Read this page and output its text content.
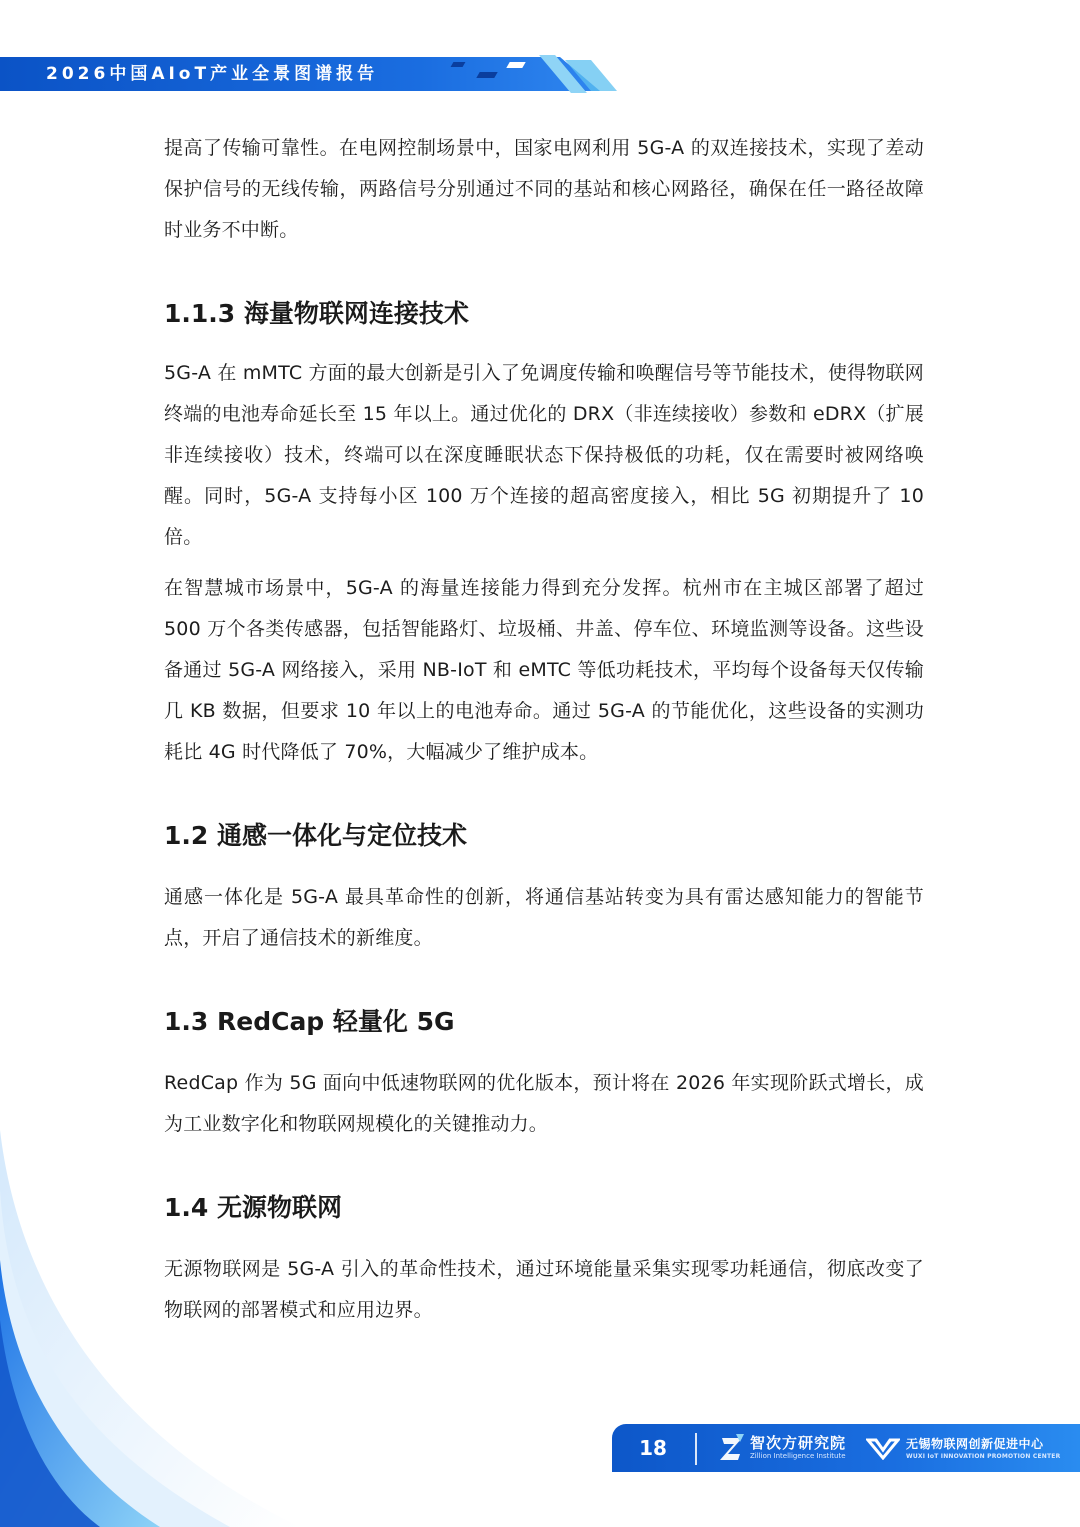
2026中国AIoT产业全景图谱报告

提高了传输可靠性。在电网控制场景中，国家电网利用 5G-A 的双连接技术，实现了差动保护信号的无线传输，两路信号分别通过不同的基站和核心网路径，确保在任一路径故障时业务不中断。

1.1.3 海量物联网连接技术

5G-A 在 mMTC 方面的最大创新是引入了免调度传输和唤醒信号等节能技术，使得物联网终端的电池寿命延长至 15 年以上。通过优化的 DRX（非连续接收）参数和 eDRX（扩展非连续接收）技术，终端可以在深度睡眠状态下保持极低的功耗，仅在需要时被网络唤醒。同时，5G-A 支持每小区 100 万个连接的超高密度接入，相比 5G 初期提升了 10 倍。

在智慧城市场景中，5G-A 的海量连接能力得到充分发挥。杭州市在主城区部署了超过 500 万个各类传感器，包括智能路灯、垃圾桶、井盖、停车位、环境监测等设备。这些设备通过 5G-A 网络接入，采用 NB-IoT 和 eMTC 等低功耗技术，平均每个设备每天仅传输几 KB 数据，但要求 10 年以上的电池寿命。通过 5G-A 的节能优化，这些设备的实测功耗比 4G 时代降低了 70%，大幅减少了维护成本。

1.2 通感一体化与定位技术

通感一体化是 5G-A 最具革命性的创新，将通信基站转变为具有雷达感知能力的智能节点，开启了通信技术的新维度。

1.3 RedCap 轻量化 5G

RedCap 作为 5G 面向中低速物联网的优化版本，预计将在 2026 年实现阶跃式增长，成为工业数字化和物联网规模化的关键推动力。

1.4 无源物联网

无源物联网是 5G-A 引入的革命性技术，通过环境能量采集实现零功耗通信，彻底改变了物联网的部署模式和应用边界。

18	智次方研究院
Zillion Intelligence Institute
无锡物联网创新促进中心
WUXI IoT INNOVATION PROMOTION CENTER
